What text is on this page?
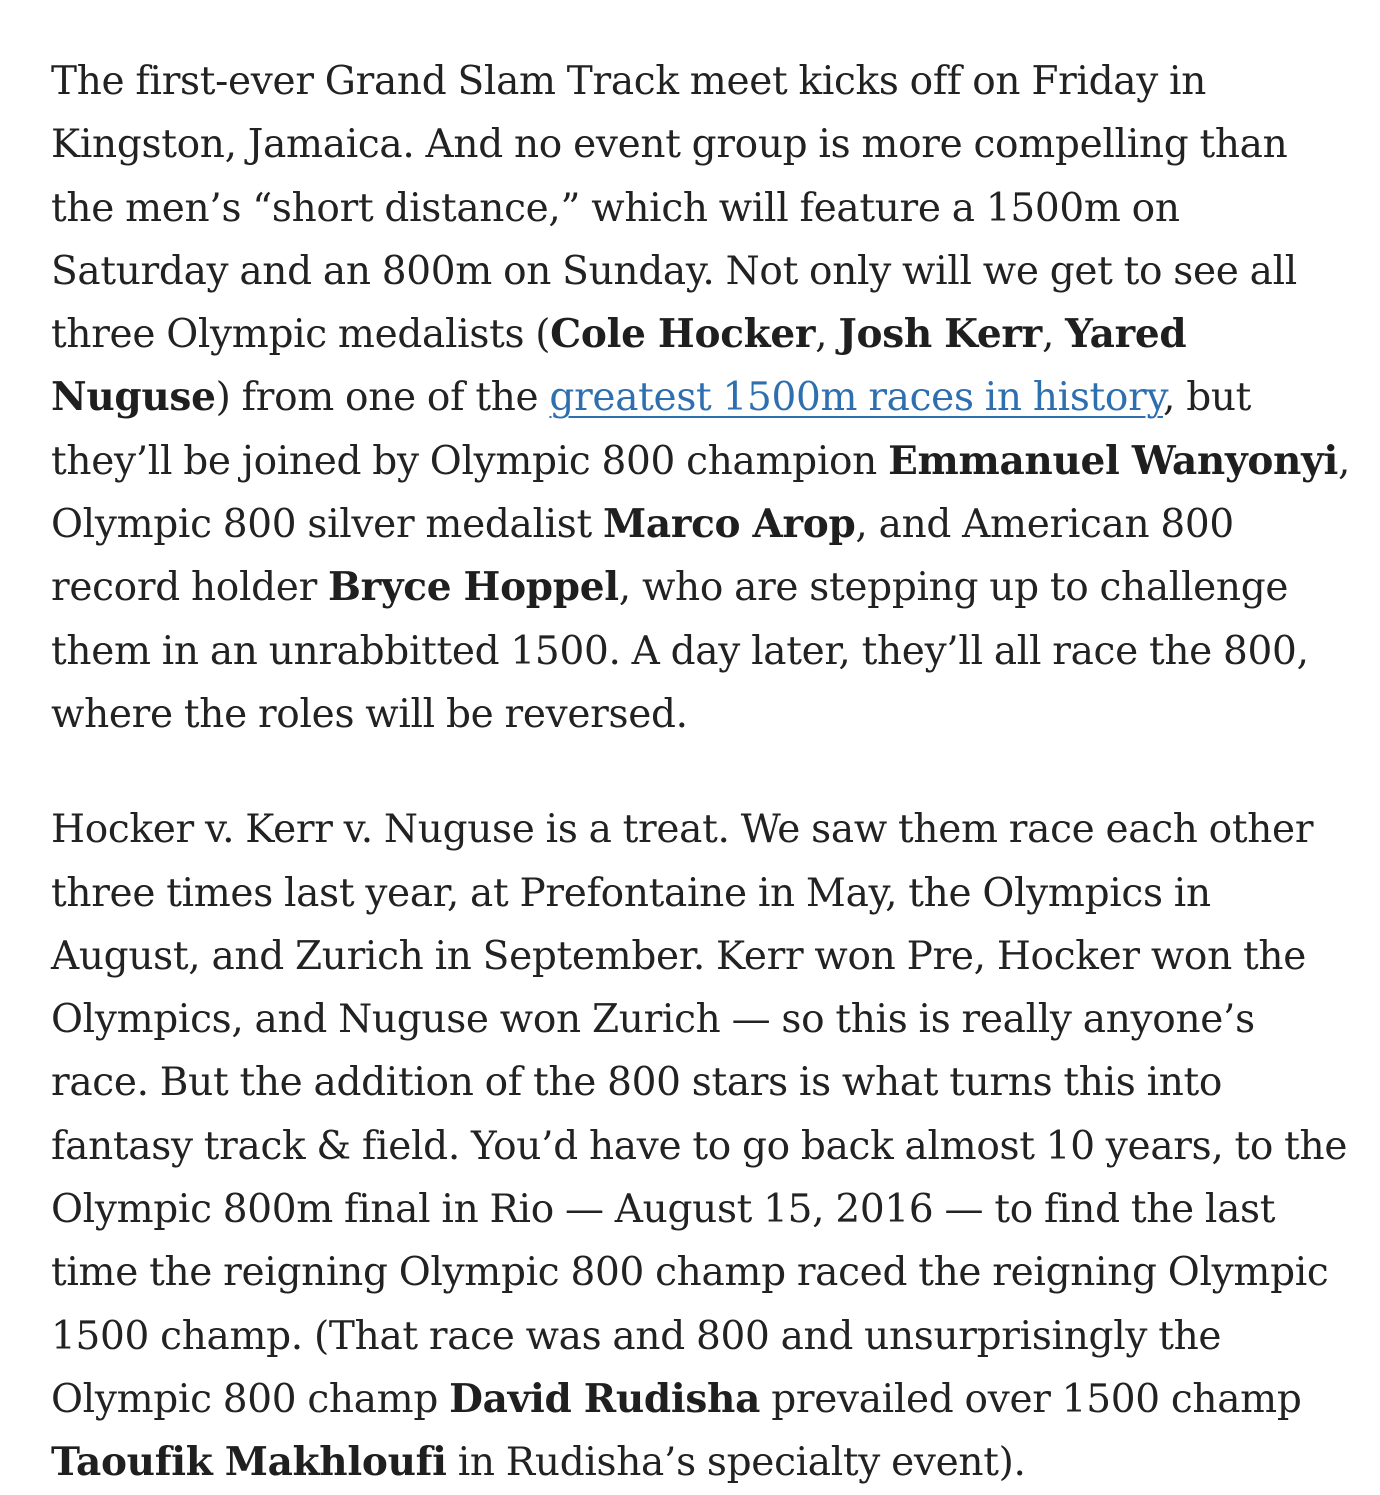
The first-ever Grand Slam Track meet kicks off on Friday in Kingston, Jamaica. And no event group is more compelling than the men’s “short distance,” which will feature a 1500m on Saturday and an 800m on Sunday. Not only will we get to see all three Olympic medalists (Cole Hocker, Josh Kerr, Yared Nuguse) from one of the greatest 1500m races in history, but they’ll be joined by Olympic 800 champion Emmanuel Wanyonyi, Olympic 800 silver medalist Marco Arop, and American 800 record holder Bryce Hoppel, who are stepping up to challenge them in an unrabbitted 1500. A day later, they’ll all race the 800, where the roles will be reversed.

Hocker v. Kerr v. Nuguse is a treat. We saw them race each other three times last year, at Prefontaine in May, the Olympics in August, and Zurich in September. Kerr won Pre, Hocker won the Olympics, and Nuguse won Zurich — so this is really anyone’s race. But the addition of the 800 stars is what turns this into fantasy track & field. You’d have to go back almost 10 years, to the Olympic 800m final in Rio — August 15, 2016 — to find the last time the reigning Olympic 800 champ raced the reigning Olympic 1500 champ. (That race was and 800 and unsurprisingly the Olympic 800 champ David Rudisha prevailed over 1500 champ Taoufik Makhloufi in Rudisha’s specialty event).
